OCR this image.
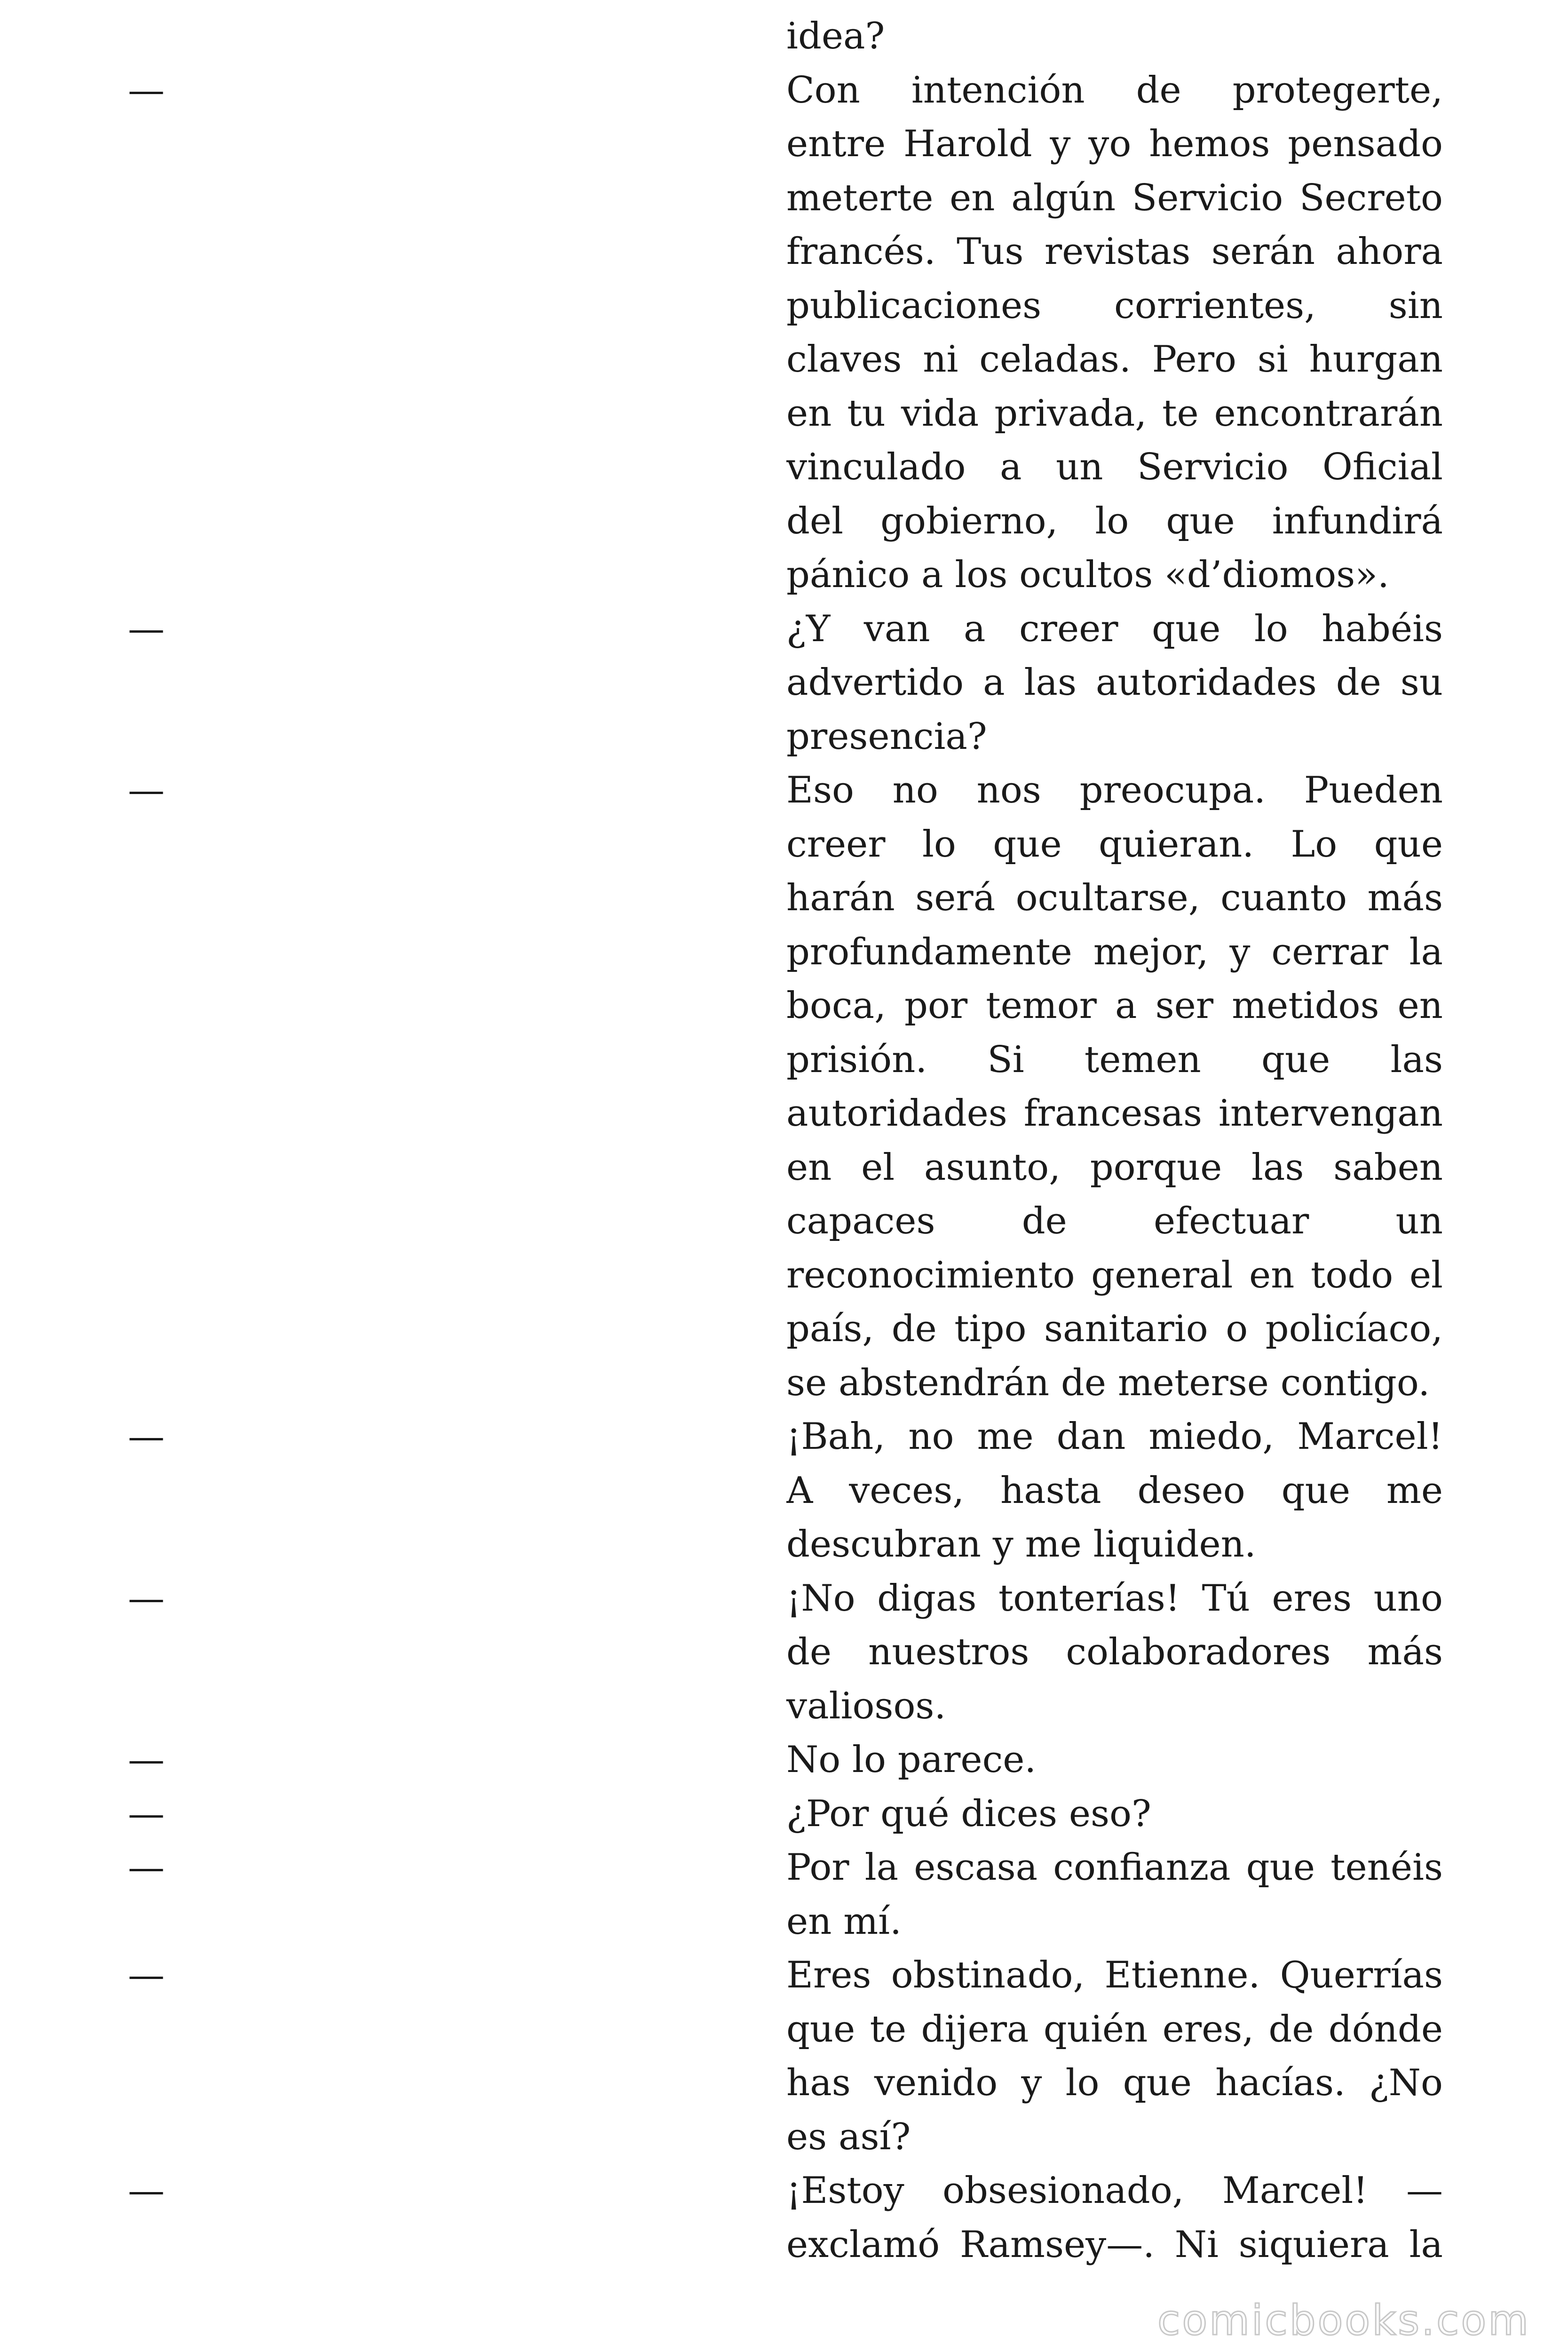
idea?
—	Con intención de protegerte,
entre Harold y yo hemos pensado
meterte en algún Servicio Secreto
francés. Tus revistas serán ahora
publicaciones corrientes, sin
claves ni celadas. Pero si hurgan
en tu vida privada, te encontrarán
vinculado a un Servicio Oficial
del gobierno, lo que infundirá
pánico a los ocultos «d’diomos».
—	¿Y van a creer que lo habéis
advertido a las autoridades de su
presencia?
—	Eso no nos preocupa. Pueden
creer lo que quieran. Lo que
harán será ocultarse, cuanto más
profundamente mejor, y cerrar la
boca, por temor a ser metidos en
prisión. Si temen que las
autoridades francesas intervengan
en el asunto, porque las saben
capaces de efectuar un
reconocimiento general en todo el
país, de tipo sanitario o policíaco,
se abstendrán de meterse contigo.
—	¡Bah, no me dan miedo, Marcel!
A veces, hasta deseo que me
descubran y me liquiden.
—	¡No digas tonterías! Tú eres uno
de nuestros colaboradores más
valiosos.
—	No lo parece.
—	¿Por qué dices eso?
—	Por la escasa confianza que tenéis
en mí.
—	Eres obstinado, Etienne. Querrías
que te dijera quién eres, de dónde
has venido y lo que hacías. ¿No
es así?
—	¡Estoy obsesionado, Marcel! —
exclamó Ramsey—. Ni siquiera la
comicbooks.com
